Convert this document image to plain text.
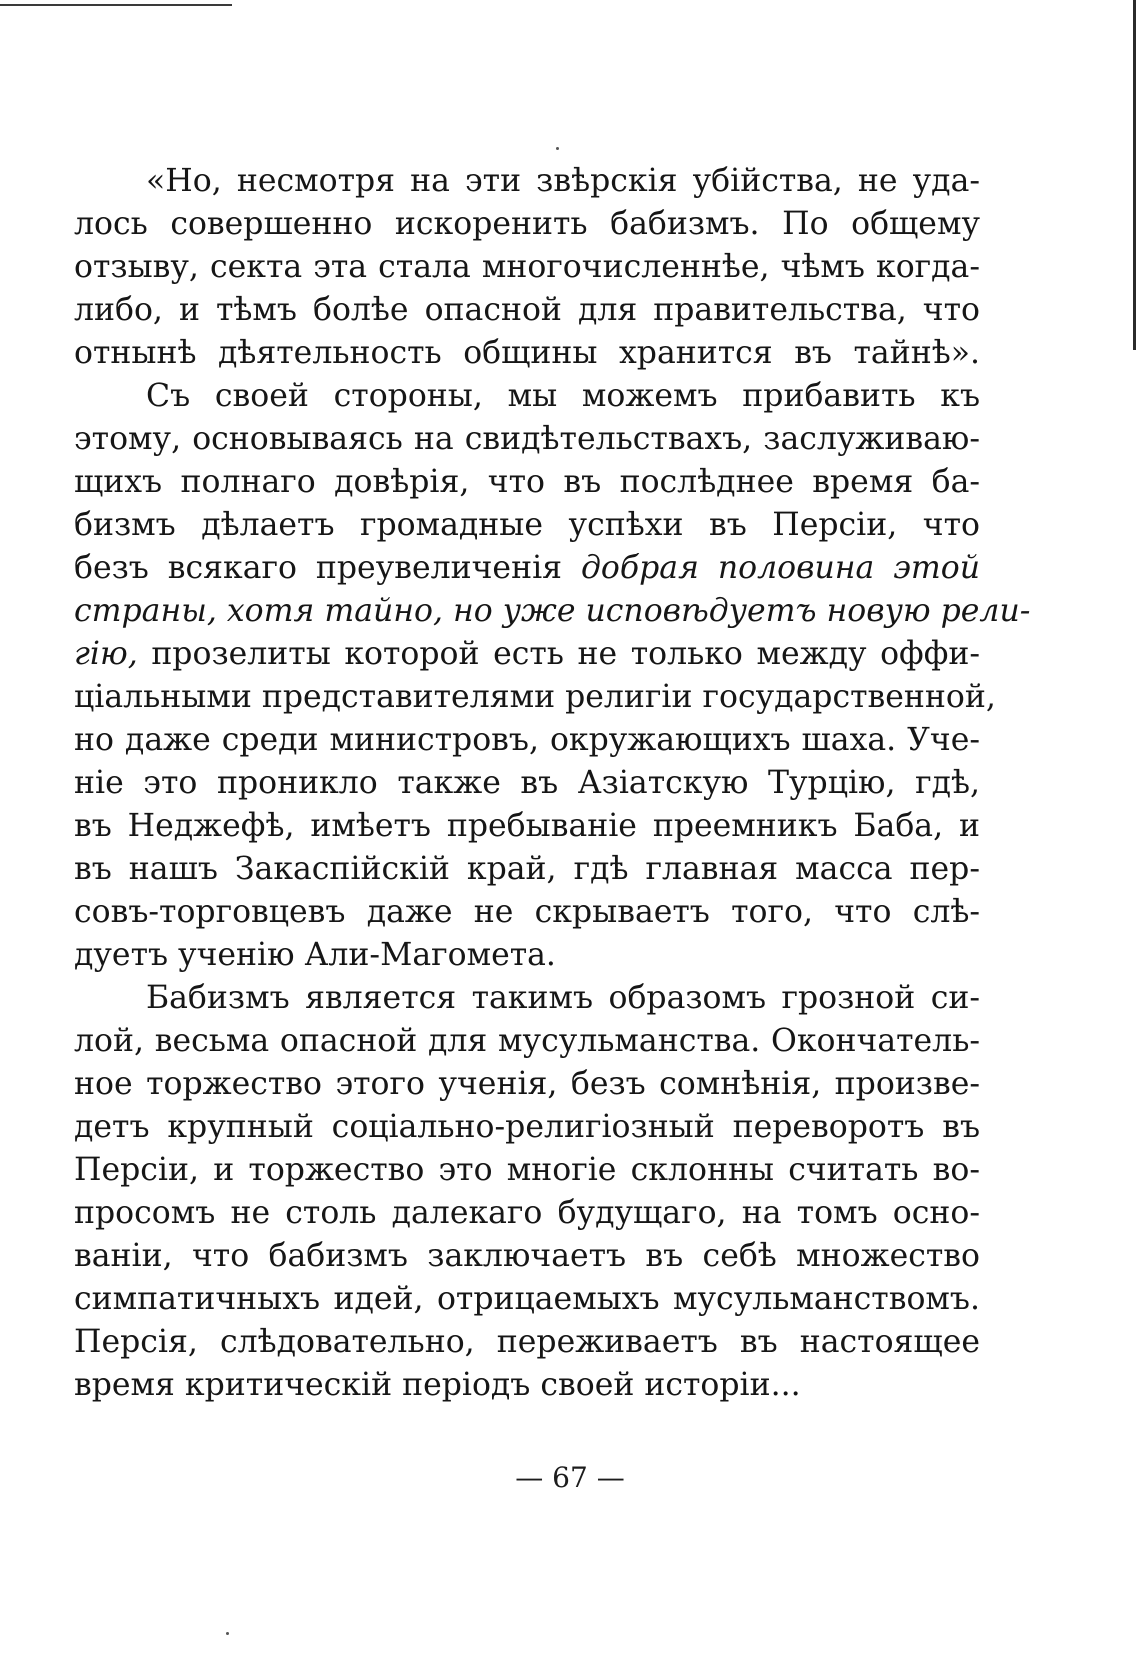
«Но, несмотря на эти звѣрскія убійства, не уда-
лось совершенно искоренить бабизмъ. По общему
отзыву, секта эта стала многочисленнѣе, чѣмъ когда-
либо, и тѣмъ болѣе опасной для правительства, что
отнынѣ дѣятельность общины хранится въ тайнѣ».
Съ своей стороны, мы можемъ прибавить къ
этому, основываясь на свидѣтельствахъ, заслуживаю-
щихъ полнаго довѣрія, что въ послѣднее время ба-
бизмъ дѣлаетъ громадные успѣхи въ Персіи, что
безъ всякаго преувеличенія добрая половина этой
страны, хотя тайно, но уже исповѣдуетъ новую рели-
гію, прозелиты которой есть не только между оффи-
ціальными представителями религіи государственной,
но даже среди министровъ, окружающихъ шаха. Уче-
ніе это проникло также въ Азіатскую Турцію, гдѣ,
въ Неджефѣ, имѣетъ пребываніе преемникъ Баба, и
въ нашъ Закаспійскій край, гдѣ главная масса пер-
совъ-торговцевъ даже не скрываетъ того, что слѣ-
дуетъ ученію Али-Магомета.
Бабизмъ является такимъ образомъ грозной си-
лой, весьма опасной для мусульманства. Окончатель-
ное торжество этого ученія, безъ сомнѣнія, произве-
детъ крупный соціально-религіозный переворотъ въ
Персіи, и торжество это многіе склонны считать во-
просомъ не столь далекаго будущаго, на томъ осно-
ваніи, что бабизмъ заключаетъ въ себѣ множество
симпатичныхъ идей, отрицаемыхъ мусульманствомъ.
Персія, слѣдовательно, переживаетъ въ настоящее
время критическій періодъ своей исторіи...
— 67 —
